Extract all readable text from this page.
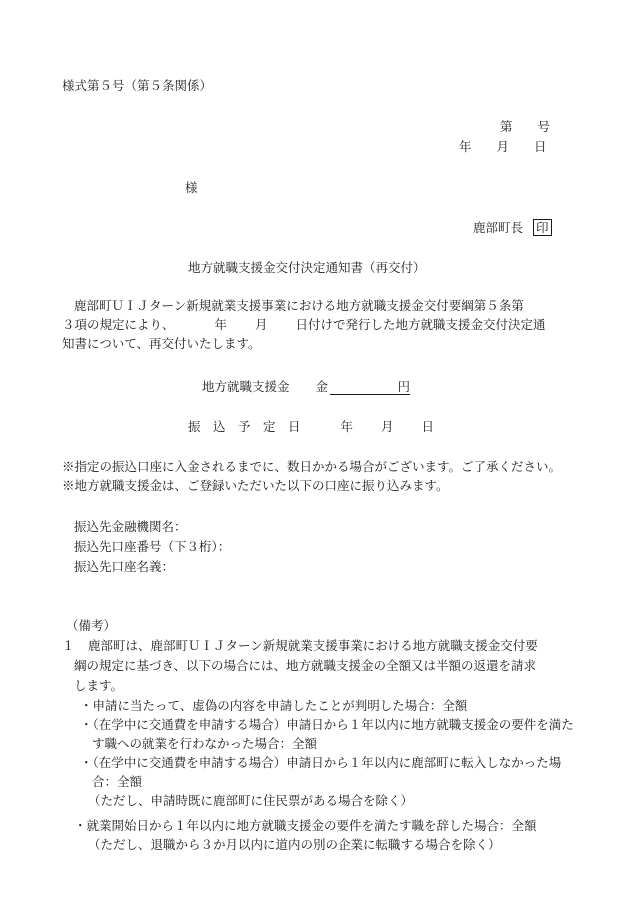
様式第５号（第５条関係）
第　　号
年　　月　　日
様
鹿部町長 印
地方就職支援金交付決定通知書（再交付）
鹿部町ＵＩＪターン新規就業支援事業における地方就職支援金交付要綱第５条第
３項の規定により、	年 月 日付けで発行した地方就職支援金交付決定通
知書について、再交付いたします。
地方就職支援金 金	円
振　込　予　定　日	年 月 日
※指定の振込口座に入金されるまでに、数日かかる場合がございます。ご了承ください。
※地方就職支援金は、ご登録いただいた以下の口座に振り込みます。
振込先金融機関名：
振込先口座番号（下３桁）：
振込先口座名義：
（備考）
１ 鹿部町は、鹿部町ＵＩＪターン新規就業支援事業における地方就職支援金交付要
綱の規定に基づき、以下の場合には、地方就職支援金の全額又は半額の返還を請求
します。
・申請に当たって、虚偽の内容を申請したことが判明した場合：全額
・（在学中に交通費を申請する場合）申請日から１年以内に地方就職支援金の要件を満たす職への就業を行わなかった場合：全額
・（在学中に交通費を申請する場合）申請日から１年以内に鹿部町に転入しなかった場合：全額
（ただし、申請時既に鹿部町に住民票がある場合を除く）
・就業開始日から１年以内に地方就職支援金の要件を満たす職を辞した場合：全額
（ただし、退職から３か月以内に道内の別の企業に転職する場合を除く）
